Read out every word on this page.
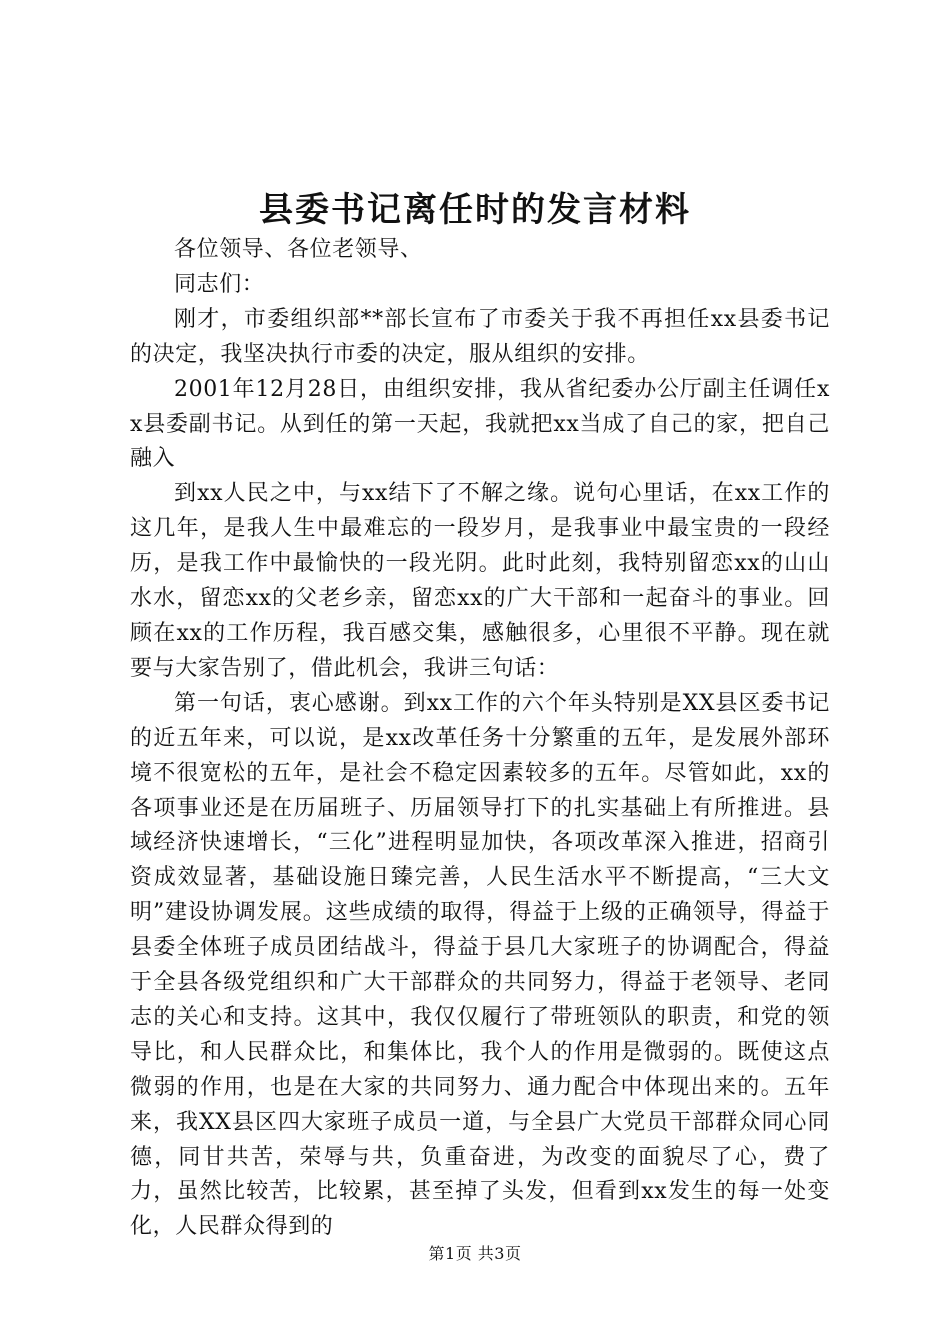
县委书记离任时的发言材料

各位领导、各位老领导、

同志们：

刚才，市委组织部**部长宣布了市委关于我不再担任xx县委书记的决定，我坚决执行市委的决定，服从组织的安排。

2001年12月28日，由组织安排，我从省纪委办公厅副主任调任xx县委副书记。从到任的第一天起，我就把xx当成了自己的家，把自己融入

到xx人民之中，与xx结下了不解之缘。说句心里话，在xx工作的这几年，是我人生中最难忘的一段岁月，是我事业中最宝贵的一段经历，是我工作中最愉快的一段光阴。此时此刻，我特别留恋xx的山山水水，留恋xx的父老乡亲，留恋xx的广大干部和一起奋斗的事业。回顾在xx的工作历程，我百感交集，感触很多，心里很不平静。现在就要与大家告别了，借此机会，我讲三句话：

第一句话，衷心感谢。到xx工作的六个年头特别是XX县区委书记的近五年来，可以说，是xx改革任务十分繁重的五年，是发展外部环境不很宽松的五年，是社会不稳定因素较多的五年。尽管如此，xx的各项事业还是在历届班子、历届领导打下的扎实基础上有所推进。县域经济快速增长，“三化”进程明显加快，各项改革深入推进，招商引资成效显著，基础设施日臻完善，人民生活水平不断提高，“三大文明”建设协调发展。这些成绩的取得，得益于上级的正确领导，得益于县委全体班子成员团结战斗，得益于县几大家班子的协调配合，得益于全县各级党组织和广大干部群众的共同努力，得益于老领导、老同志的关心和支持。这其中，我仅仅履行了带班领队的职责，和党的领导比，和人民群众比，和集体比，我个人的作用是微弱的。既使这点微弱的作用，也是在大家的共同努力、通力配合中体现出来的。五年来，我XX县区四大家班子成员一道，与全县广大党员干部群众同心同德，同甘共苦，荣辱与共，负重奋进，为改变的面貌尽了心，费了力，虽然比较苦，比较累，甚至掉了头发，但看到xx发生的每一处变化，人民群众得到的

第1页 共3页
